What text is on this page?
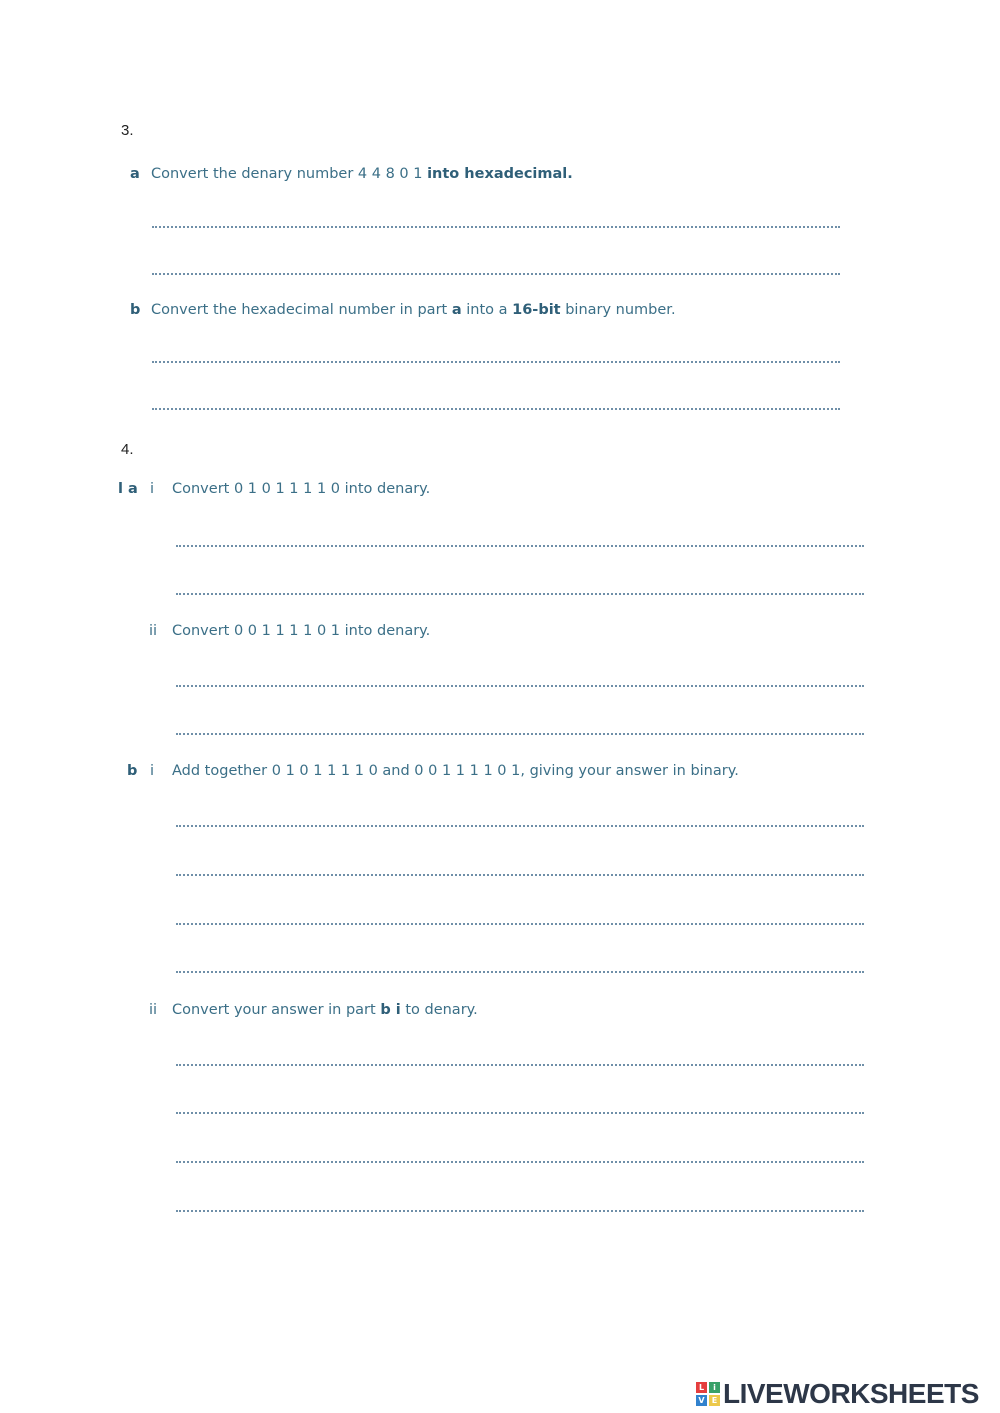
3.
a Convert the denary number 4 4 8 0 1 into hexadecimal.
b Convert the hexadecimal number in part a into a 16-bit binary number.
4.
l a i Convert 0 1 0 1 1 1 1 0 into denary.
ii Convert 0 0 1 1 1 1 0 1 into denary.
b i Add together 0 1 0 1 1 1 1 0 and 0 0 1 1 1 1 0 1, giving your answer in binary.
ii Convert your answer in part b i to denary.
L	i
V E LIVEWORKSHEETS
